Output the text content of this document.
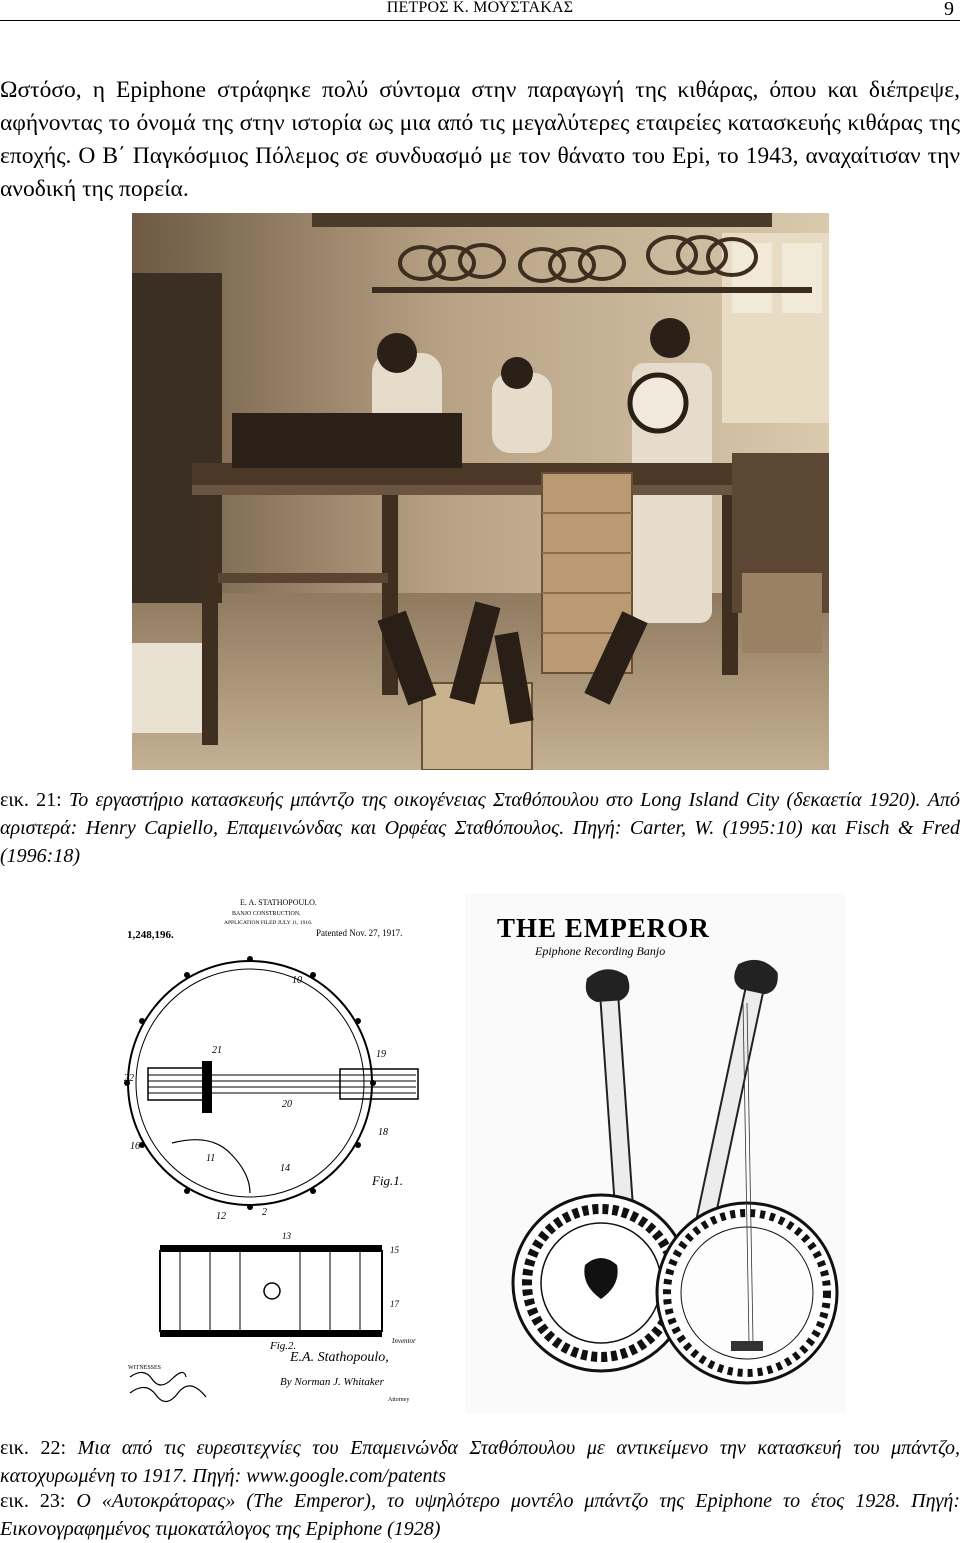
ΠΕΤΡΟΣ Κ. ΜΟΥΣΤΑΚΑΣ	9

Ωστόσο, η Epiphone στράφηκε πολύ σύντομα στην παραγωγή της κιθάρας, όπου και διέπρεψε, αφήνοντας το όνομά της στην ιστορία ως μια από τις μεγαλύτερες εταιρείες κατασκευής κιθάρας της εποχής. Ο Β΄ Παγκόσμιος Πόλεμος σε συνδυασμό με τον θάνατο του Epi, το 1943, αναχαίτισαν την ανοδική της πορεία.

εικ. 21: Το εργαστήριο κατασκευής μπάντζο της οικογένειας Σταθόπουλου στο Long Island City (δεκαετία 1920). Από αριστερά: Henry Capiello, Επαμεινώνδας και Ορφέας Σταθόπουλος. Πηγή: Carter, W. (1995:10) και Fisch & Fred (1996:18)

E. A. STATHOPOULO.
BANJO CONSTRUCTION.
APPLICATION FILED JULY 11, 1916.
1,248,196.	Patented Nov. 27, 1917.
10
21	19
22
20
18
16
11
14
12	2
Fig.1.
13
15
17
Fig.2.	Inventor
E.A. Stathopoulo,
WITNESSES
By Norman J. Whitaker
Attorney
THE EMPEROR
Epiphone Recording Banjo

εικ. 22: Μια από τις ευρεσιτεχνίες του Επαμεινώνδα Σταθόπουλου με αντικείμενο την κατασκευή του μπάντζο, κατοχυρωμένη το 1917. Πηγή: www.google.com/patents

εικ. 23: Ο «Αυτοκράτορας» (The Emperor), το υψηλότερο μοντέλο μπάντζο της Epiphone το έτος 1928. Πηγή: Εικονογραφημένος τιμοκατάλογος της Epiphone (1928)
